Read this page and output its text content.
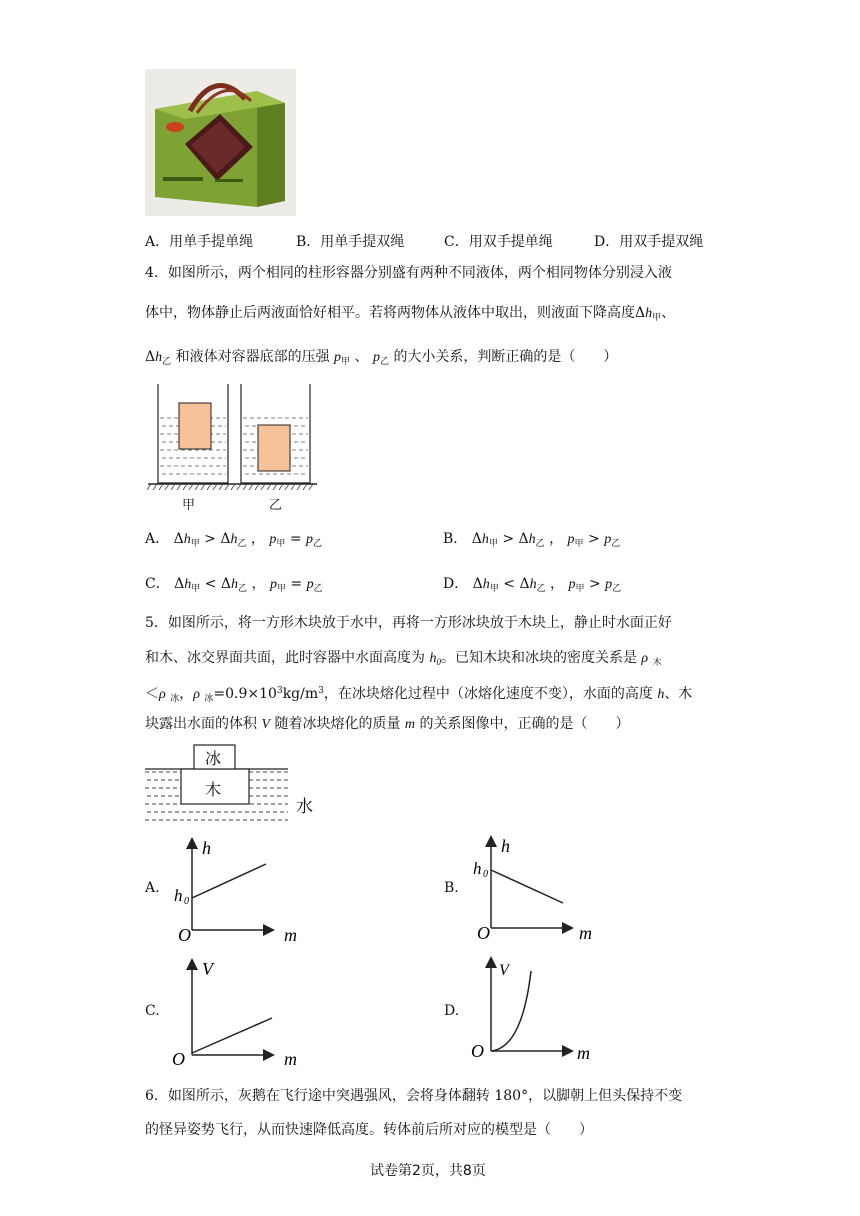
A．用单手提单绳	B．用单手提双绳	C．用双手提单绳	D．用双手提双绳
4．如图所示，两个相同的柱形容器分别盛有两种不同液体，两个相同物体分别浸入液
体中，物体静止后两液面恰好相平。若将两物体从液体中取出，则液面下降高度$\Delta h_甲$、
$\Delta h_乙$ 和液体对容器底部的压强 $p_甲$ 、 $p_乙$ 的大小关系，判断正确的是（　　）
甲	乙
A． $\Delta h_甲 > \Delta h_乙$ ， $p_甲 = p_乙$	B． $\Delta h_甲 > \Delta h_乙$ ， $p_甲 > p_乙$
C． $\Delta h_甲 < \Delta h_乙$ ， $p_甲 = p_乙$	D． $\Delta h_甲 < \Delta h_乙$ ， $p_甲 > p_乙$
5．如图所示，将一方形木块放于水中，再将一方形冰块放于木块上，静止时水面正好
和木、冰交界面共面，此时容器中水面高度为 $h_0$。已知木块和冰块的密度关系是 ρ $_木$
＜ρ $_冰$，ρ $_冰=0.9\times 10^3kg/m^3$，在冰块熔化过程中（冰熔化速度不变），水面的高度 h、木
块露出水面的体积 V 随着冰块熔化的质量 m 的关系图像中，正确的是（　　）
冰
木
水
A.	B.
C.	D.
h
h 0
O	m
h
h 0
O	m
V
O	m
V
O	m
6．如图所示，灰鹅在飞行途中突遇强风，会将身体翻转 180°，以脚朝上但头保持不变
的怪异姿势飞行，从而快速降低高度。转体前后所对应的模型是（　　）
试卷第2页，共8页
